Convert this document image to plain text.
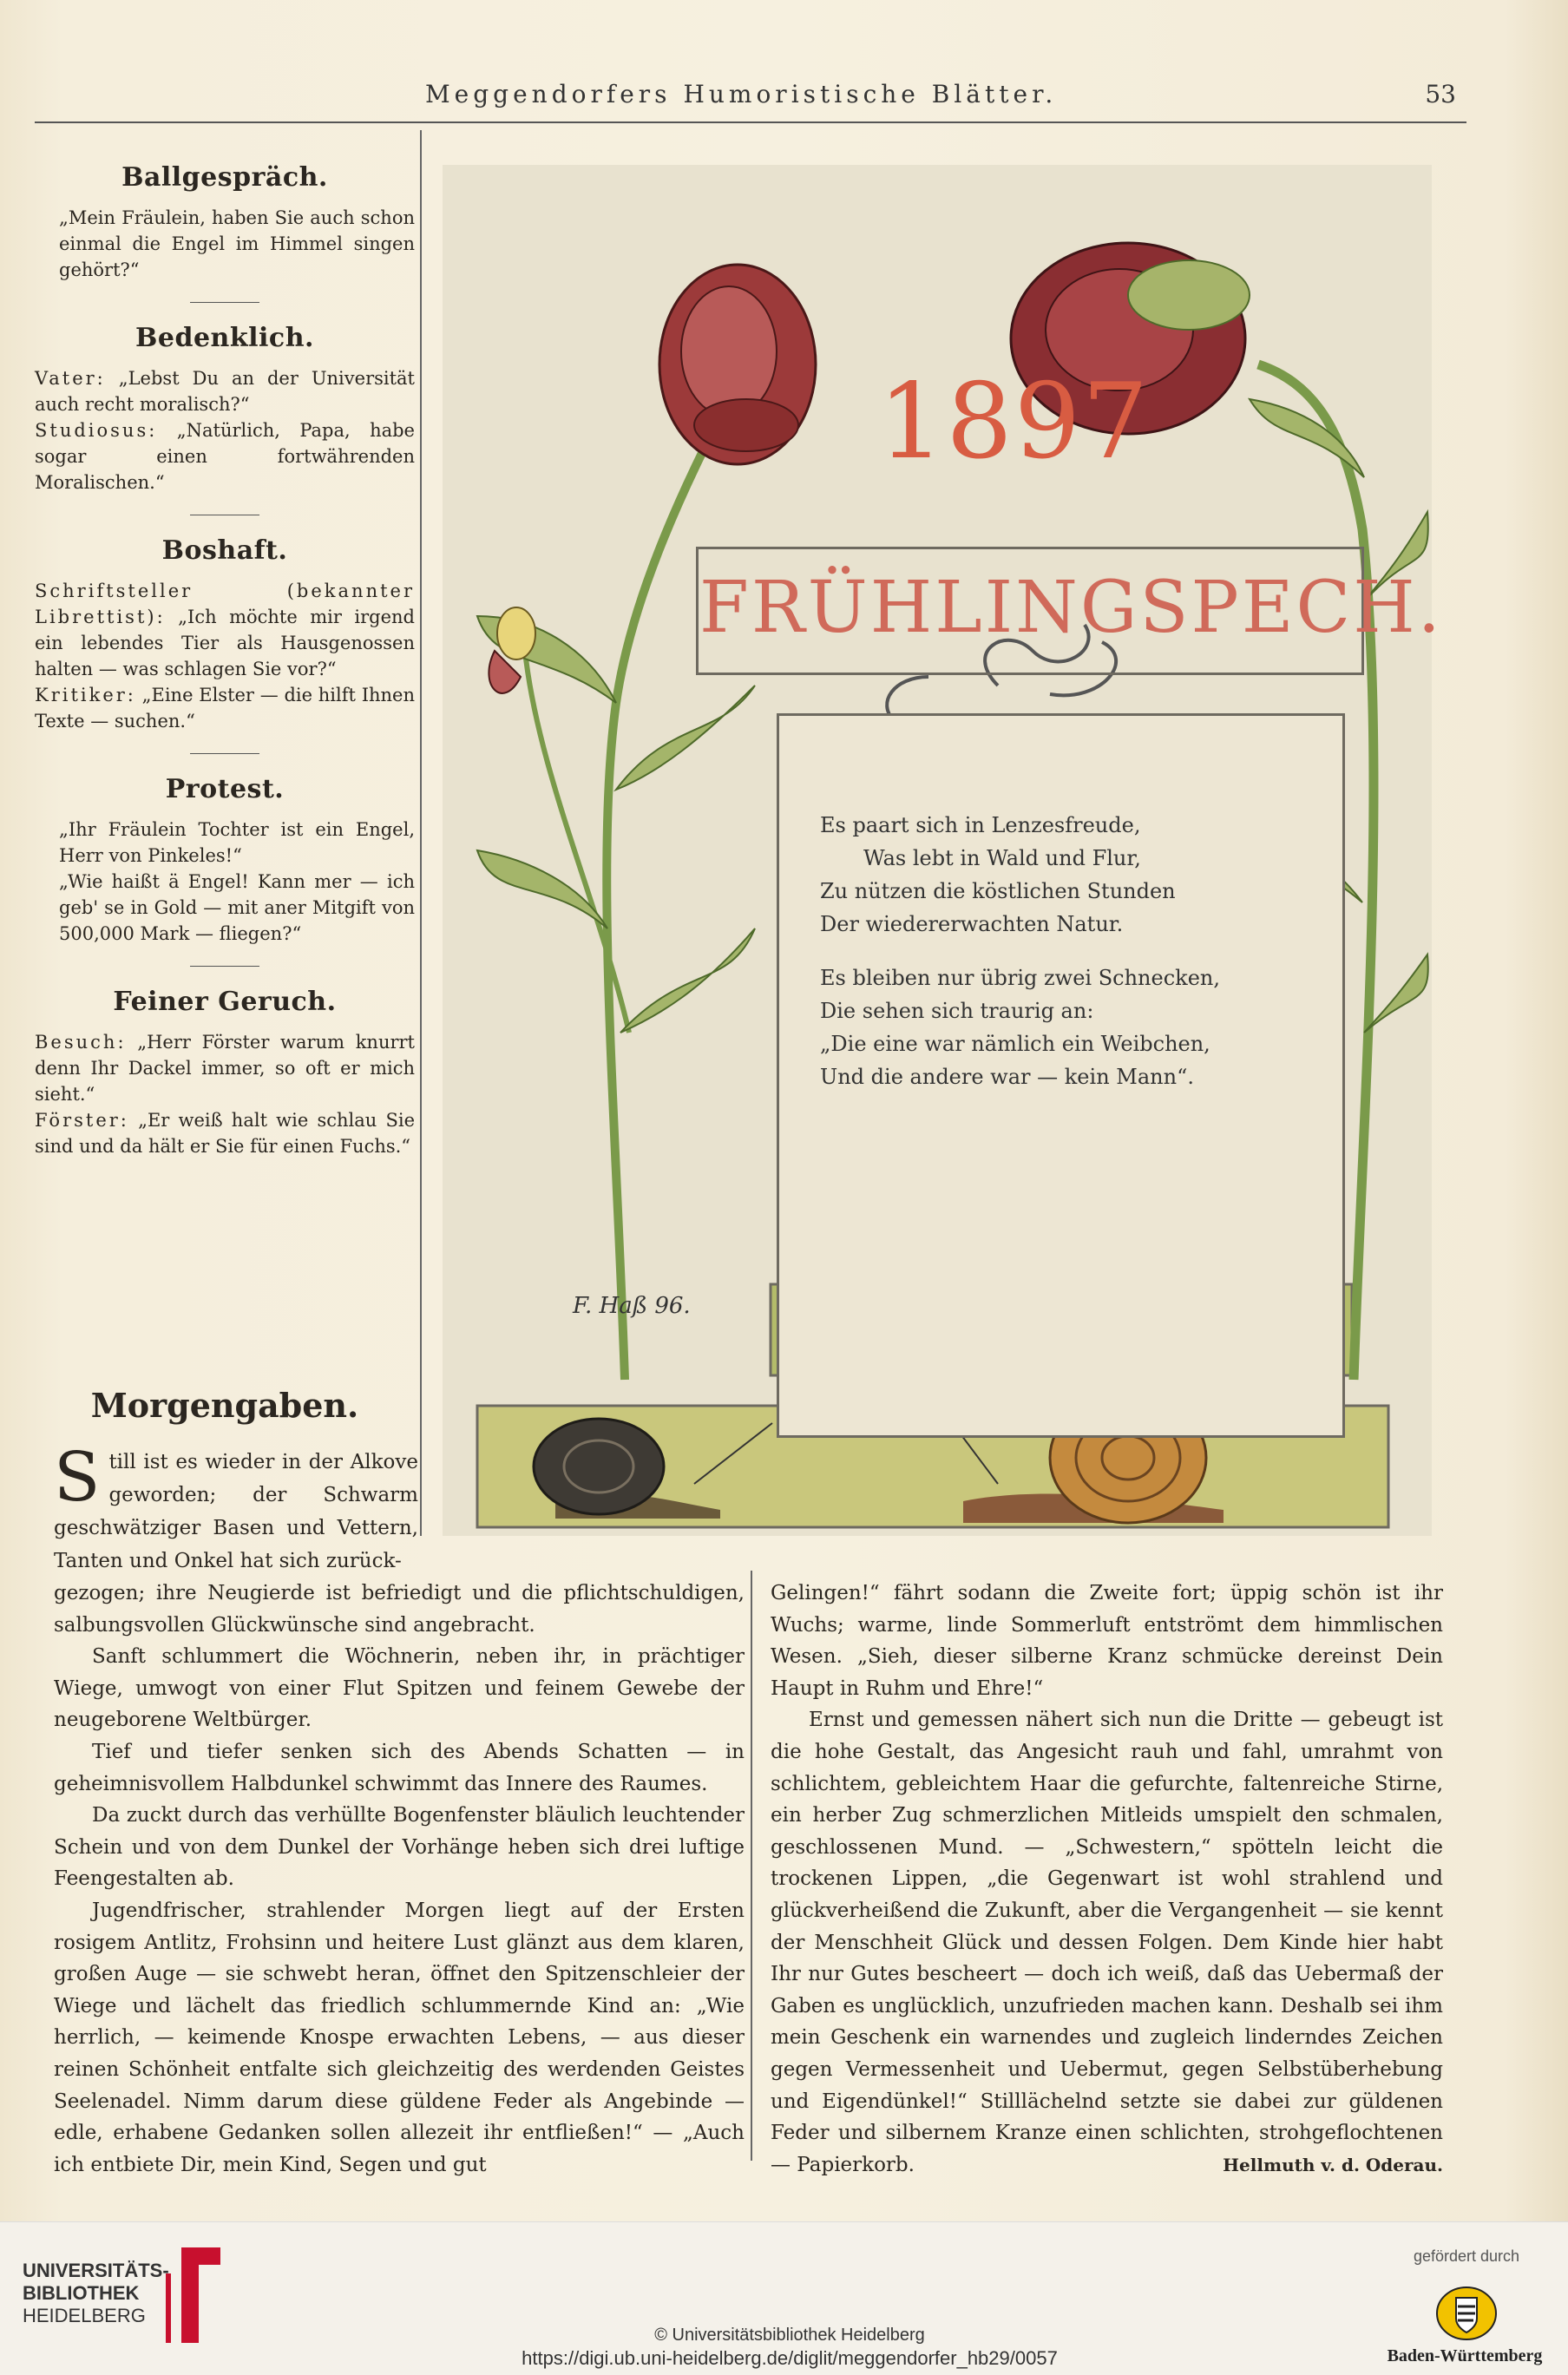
Meggendorfers Humoristische Blätter.	53
Ballgespräch.

„Mein Fräulein, haben Sie auch schon einmal die Engel im Himmel singen gehört?“

Bedenklich.
Vater: „Lebst Du an der Universität auch recht moralisch?“
Studiosus: „Natürlich, Papa, habe sogar einen fortwährenden Moralischen.“
Boshaft.
Schriftsteller (bekannter Librettist): „Ich möchte mir irgend ein lebendes Tier als Hausgenossen halten — was schlagen Sie vor?“
Kritiker: „Eine Elster — die hilft Ihnen Texte — suchen.“
Protest.

„Ihr Fräulein Tochter ist ein Engel, Herr von Pinkeles!“

„Wie haißt ä Engel! Kann mer — ich geb' se in Gold — mit aner Mitgift von 500,000 Mark — fliegen?“

Feiner Geruch.
Besuch: „Herr Förster warum knurrt denn Ihr Dackel immer, so oft er mich sieht.“
Förster: „Er weiß halt wie schlau Sie sind und da hält er Sie für einen Fuchs.“
1897
FRÜHLINGSPECH.
Es paart sich in Lenzesfreude,
Was lebt in Wald und Flur,
Zu nützen die köstlichen Stunden
Der wiedererwachten Natur.
Es bleiben nur übrig zwei Schnecken,
Die sehen sich traurig an:
„Die eine war nämlich ein Weibchen,
Und die andere war — kein Mann“.
F. Haß 96.
Morgengaben.
Still ist es wieder in der Alkove geworden; der Schwarm geschwätziger Basen und Vettern, Tanten und Onkel hat sich zurück-

gezogen; ihre Neugierde ist befriedigt und die pflichtschuldigen, salbungsvollen Glückwünsche sind angebracht.

Sanft schlummert die Wöchnerin, neben ihr, in prächtiger Wiege, umwogt von einer Flut Spitzen und feinem Gewebe der neugeborene Weltbürger.

Tief und tiefer senken sich des Abends Schatten — in geheimnisvollem Halbdunkel schwimmt das Innere des Raumes.

Da zuckt durch das verhüllte Bogenfenster bläulich leuchtender Schein und von dem Dunkel der Vorhänge heben sich drei luftige Feengestalten ab.

Jugendfrischer, strahlender Morgen liegt auf der Ersten rosigem Antlitz, Frohsinn und heitere Lust glänzt aus dem klaren, großen Auge — sie schwebt heran, öffnet den Spitzenschleier der Wiege und lächelt das friedlich schlummernde Kind an: „Wie herrlich, — keimende Knospe erwachten Lebens, — aus dieser reinen Schönheit entfalte sich gleichzeitig des werdenden Geistes Seelenadel. Nimm darum diese güldene Feder als Angebinde — edle, erhabene Gedanken sollen allezeit ihr entfließen!“ — „Auch ich entbiete Dir, mein Kind, Segen und gut

Gelingen!“ fährt sodann die Zweite fort; üppig schön ist ihr Wuchs; warme, linde Sommerluft entströmt dem himmlischen Wesen. „Sieh, dieser silberne Kranz schmücke dereinst Dein Haupt in Ruhm und Ehre!“

Ernst und gemessen nähert sich nun die Dritte — gebeugt ist die hohe Gestalt, das Angesicht rauh und fahl, umrahmt von schlichtem, gebleichtem Haar die gefurchte, faltenreiche Stirne, ein herber Zug schmerzlichen Mitleids umspielt den schmalen, geschlossenen Mund. — „Schwestern,“ spötteln leicht die trockenen Lippen, „die Gegenwart ist wohl strahlend und glückverheißend die Zukunft, aber die Vergangenheit — sie kennt der Menschheit Glück und dessen Folgen. Dem Kinde hier habt Ihr nur Gutes bescheert — doch ich weiß, daß das Uebermaß der Gaben es unglücklich, unzufrieden machen kann. Deshalb sei ihm mein Geschenk ein warnendes und zugleich linderndes Zeichen gegen Vermessenheit und Uebermut, gegen Selbstüberhebung und Eigendünkel!“ Stilllächelnd setzte sie dabei zur güldenen Feder und silbernem Kranze einen schlichten, strohgeflochtenen — Papierkorb.	Hellmuth v. d. Oderau.

UNIVERSITÄTS-
BIBLIOTHEK
HEIDELBERG
© Universitätsbibliothek Heidelberg
https://digi.ub.uni-heidelberg.de/diglit/meggendorfer_hb29/0057
gefördert durch
Baden-Württemberg
